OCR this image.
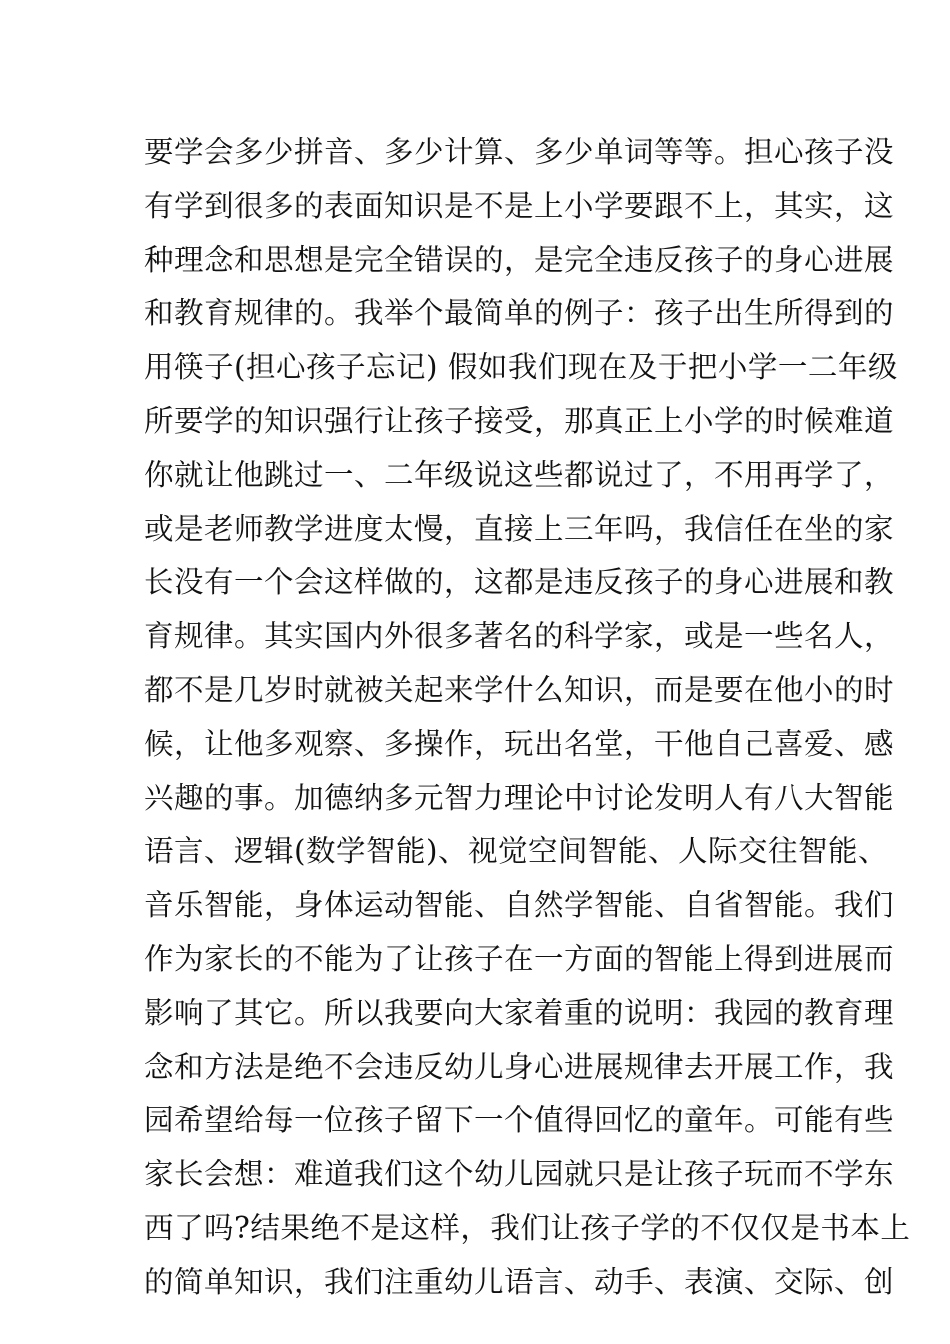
要学会多少拼音、多少计算、多少单词等等。担心孩子没
有学到很多的表面知识是不是上小学要跟不上，其实，这
种理念和思想是完全错误的，是完全违反孩子的身心进展
和教育规律的。我举个最简单的例子：孩子出生所得到的
用筷子(担心孩子忘记) 假如我们现在及于把小学一二年级
所要学的知识强行让孩子接受，那真正上小学的时候难道
你就让他跳过一、二年级说这些都说过了，不用再学了，
或是老师教学进度太慢，直接上三年吗，我信任在坐的家
长没有一个会这样做的，这都是违反孩子的身心进展和教
育规律。其实国内外很多著名的科学家，或是一些名人，
都不是几岁时就被关起来学什么知识，而是要在他小的时
候，让他多观察、多操作，玩出名堂，干他自己喜爱、感
兴趣的事。加德纳多元智力理论中讨论发明人有八大智能
语言、逻辑(数学智能)、视觉空间智能、人际交往智能、
音乐智能，身体运动智能、自然学智能、自省智能。我们
作为家长的不能为了让孩子在一方面的智能上得到进展而
影响了其它。所以我要向大家着重的说明：我园的教育理
念和方法是绝不会违反幼儿身心进展规律去开展工作，我
园希望给每一位孩子留下一个值得回忆的童年。可能有些
家长会想：难道我们这个幼儿园就只是让孩子玩而不学东
西了吗?结果绝不是这样，我们让孩子学的不仅仅是书本上
的简单知识，我们注重幼儿语言、动手、表演、交际、创
